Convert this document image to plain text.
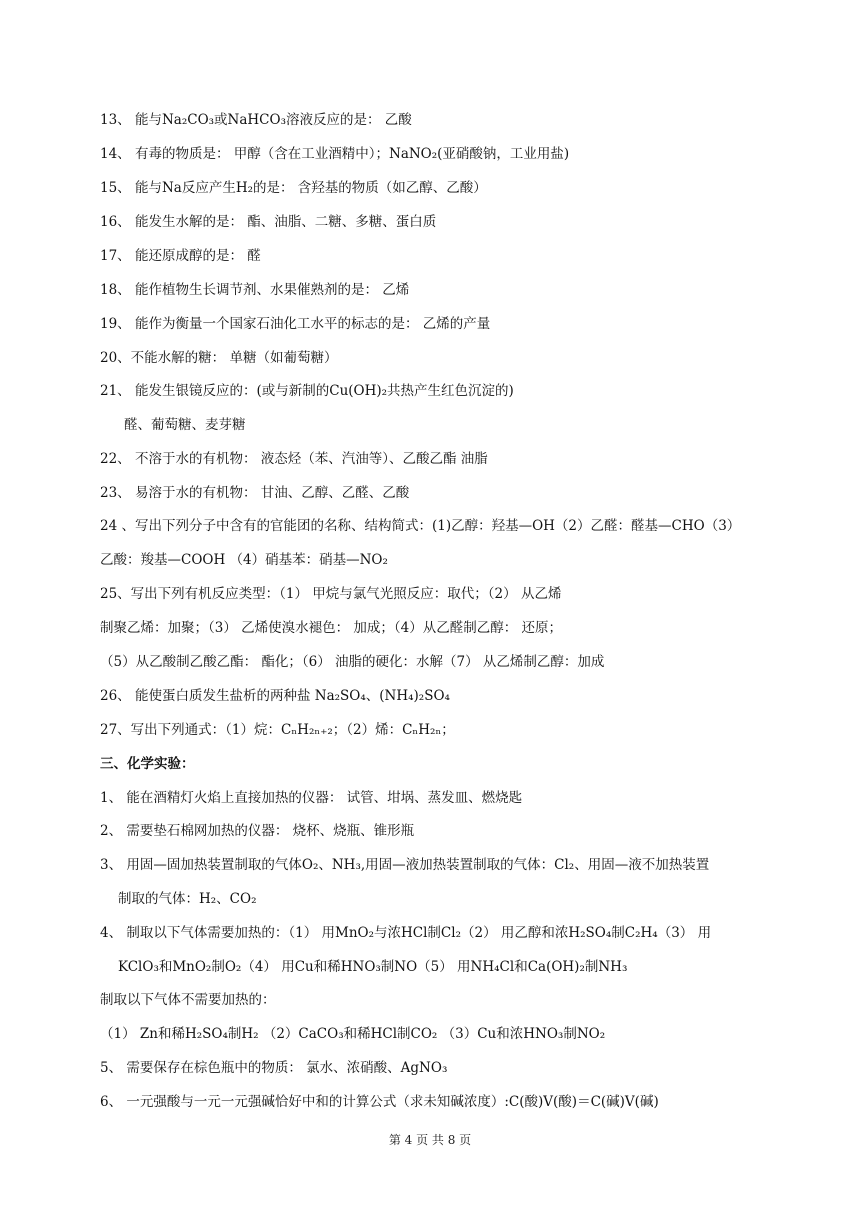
13、 能与Na₂CO₃或NaHCO₃溶液反应的是： 乙酸
14、 有毒的物质是： 甲醇（含在工业酒精中）；NaNO₂(亚硝酸钠，工业用盐)
15、 能与Na反应产生H₂的是： 含羟基的物质（如乙醇、乙酸）
16、 能发生水解的是： 酯、油脂、二糖、多糖、蛋白质
17、 能还原成醇的是： 醛
18、 能作植物生长调节剂、水果催熟剂的是： 乙烯
19、 能作为衡量一个国家石油化工水平的标志的是： 乙烯的产量
20、不能水解的糖： 单糖（如葡萄糖）
21、 能发生银镜反应的：(或与新制的Cu(OH)₂共热产生红色沉淀的)
醛、葡萄糖、麦芽糖
22、 不溶于水的有机物： 液态烃（苯、汽油等）、乙酸乙酯 油脂
23、 易溶于水的有机物： 甘油、乙醇、乙醛、乙酸
24 、写出下列分子中含有的官能团的名称、结构简式：(1)乙醇：羟基—OH（2）乙醛：醛基—CHO（3）
乙酸：羧基—COOH （4）硝基苯：硝基—NO₂
25、写出下列有机反应类型：（1） 甲烷与氯气光照反应：取代；（2） 从乙烯
制聚乙烯：加聚；（3） 乙烯使溴水褪色： 加成；（4）从乙醛制乙醇： 还原；
（5）从乙酸制乙酸乙酯： 酯化；（6） 油脂的硬化：水解（7） 从乙烯制乙醇：加成
26、 能使蛋白质发生盐析的两种盐 Na₂SO₄、(NH₄)₂SO₄
27、写出下列通式：（1）烷：CₙH₂ₙ₊₂；（2）烯：CₙH₂ₙ；
三、化学实验：
1、 能在酒精灯火焰上直接加热的仪器： 试管、坩埚、蒸发皿、燃烧匙
2、 需要垫石棉网加热的仪器： 烧杯、烧瓶、锥形瓶
3、 用固—固加热装置制取的气体O₂、NH₃,用固—液加热装置制取的气体：Cl₂、用固—液不加热装置
制取的气体：H₂、CO₂
4、 制取以下气体需要加热的：（1） 用MnO₂与浓HCl制Cl₂（2） 用乙醇和浓H₂SO₄制C₂H₄（3） 用
KClO₃和MnO₂制O₂（4） 用Cu和稀HNO₃制NO（5） 用NH₄Cl和Ca(OH)₂制NH₃
制取以下气体不需要加热的：
（1） Zn和稀H₂SO₄制H₂ （2）CaCO₃和稀HCl制CO₂ （3）Cu和浓HNO₃制NO₂
5、 需要保存在棕色瓶中的物质： 氯水、浓硝酸、AgNO₃
6、 一元强酸与一元一元强碱恰好中和的计算公式（求未知碱浓度）:C(酸)V(酸)＝C(碱)V(碱)
第 4 页 共 8 页
